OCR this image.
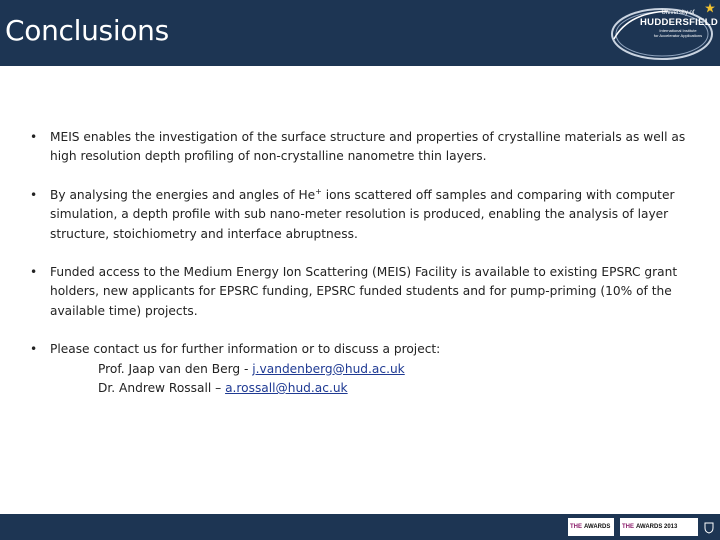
Conclusions
University of
HUDDERSFIELD
International Institute
for Accelerator Applications
• MEIS enables the investigation of the surface structure and properties of crystalline materials as well as high resolution depth profiling of non-crystalline nanometre thin layers.
• By analysing the energies and angles of He+ ions scattered off samples and comparing with computer simulation, a depth profile with sub nano-meter resolution is produced, enabling the analysis of layer structure, stoichiometry and interface abruptness.
• Funded access to the Medium Energy Ion Scattering (MEIS) Facility is available to existing EPSRC grant holders, new applicants for EPSRC funding, EPSRC funded students and for pump-priming (10% of the available time) projects.
• Please contact us for further information or to discuss a project:
Prof. Jaap van den Berg - j.vandenberg@hud.ac.uk
Dr. Andrew Rossall – a.rossall@hud.ac.uk
THE AWARDS THE AWARDS 2013
